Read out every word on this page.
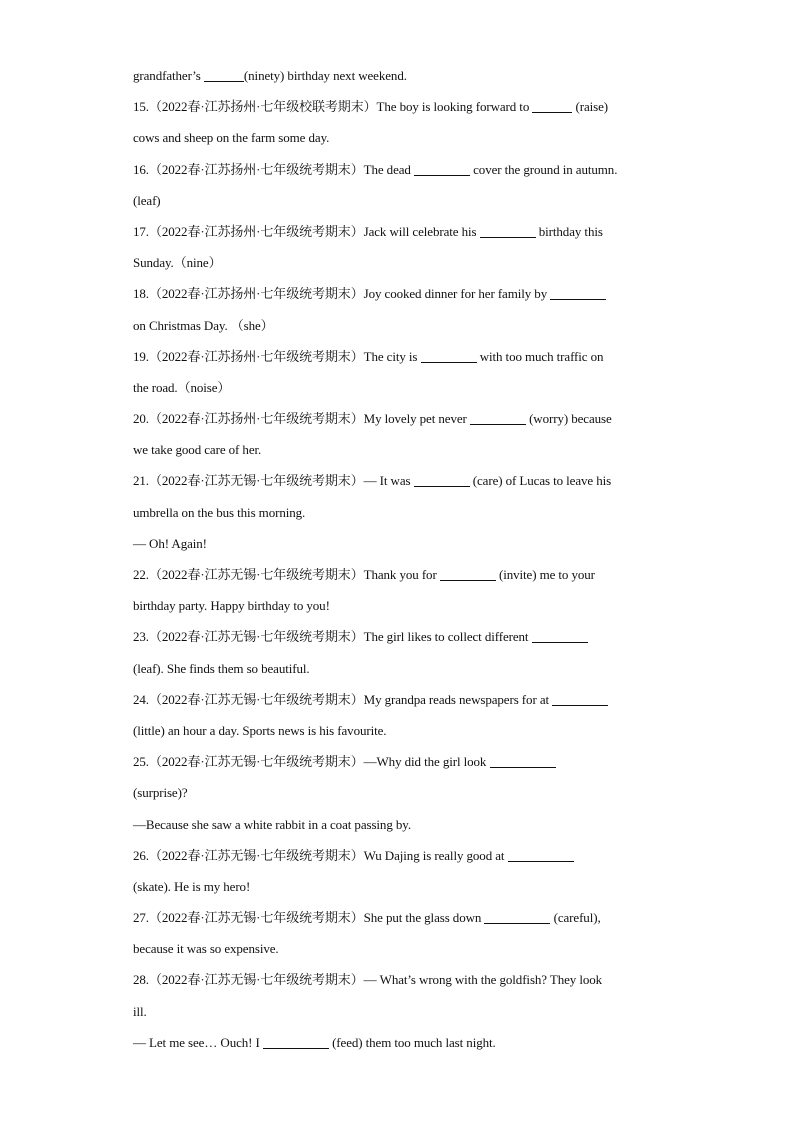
grandfather’s	(ninety) birthday next weekend.
15.（2022春·江苏扬州·七年级校联考期末）The boy is looking forward to	(raise)
cows and sheep on the farm some day.
16.（2022春·江苏扬州·七年级统考期末）The dead	cover the ground in autumn.
(leaf)
17.（2022春·江苏扬州·七年级统考期末）Jack will celebrate his	birthday this
Sunday.（nine）
18.（2022春·江苏扬州·七年级统考期末）Joy cooked dinner for her family by
on Christmas Day. （she）
19.（2022春·江苏扬州·七年级统考期末）The city is	with too much traffic on
the road.（noise）
20.（2022春·江苏扬州·七年级统考期末）My lovely pet never	(worry) because
we take good care of her.
21.（2022春·江苏无锡·七年级统考期末）— It was	(care) of Lucas to leave his
umbrella on the bus this morning.
— Oh! Again!
22.（2022春·江苏无锡·七年级统考期末）Thank you for	(invite) me to your
birthday party. Happy birthday to you!
23.（2022春·江苏无锡·七年级统考期末）The girl likes to collect different
(leaf). She finds them so beautiful.
24.（2022春·江苏无锡·七年级统考期末）My grandpa reads newspapers for at
(little) an hour a day. Sports news is his favourite.
25.（2022春·江苏无锡·七年级统考期末）—Why did the girl look
(surprise)?
—Because she saw a white rabbit in a coat passing by.
26.（2022春·江苏无锡·七年级统考期末）Wu Dajing is really good at
(skate). He is my hero!
27.（2022春·江苏无锡·七年级统考期末）She put the glass down	(careful),
because it was so expensive.
28.（2022春·江苏无锡·七年级统考期末）— What’s wrong with the goldfish? They look
ill.
— Let me see… Ouch! I	(feed) them too much last night.
